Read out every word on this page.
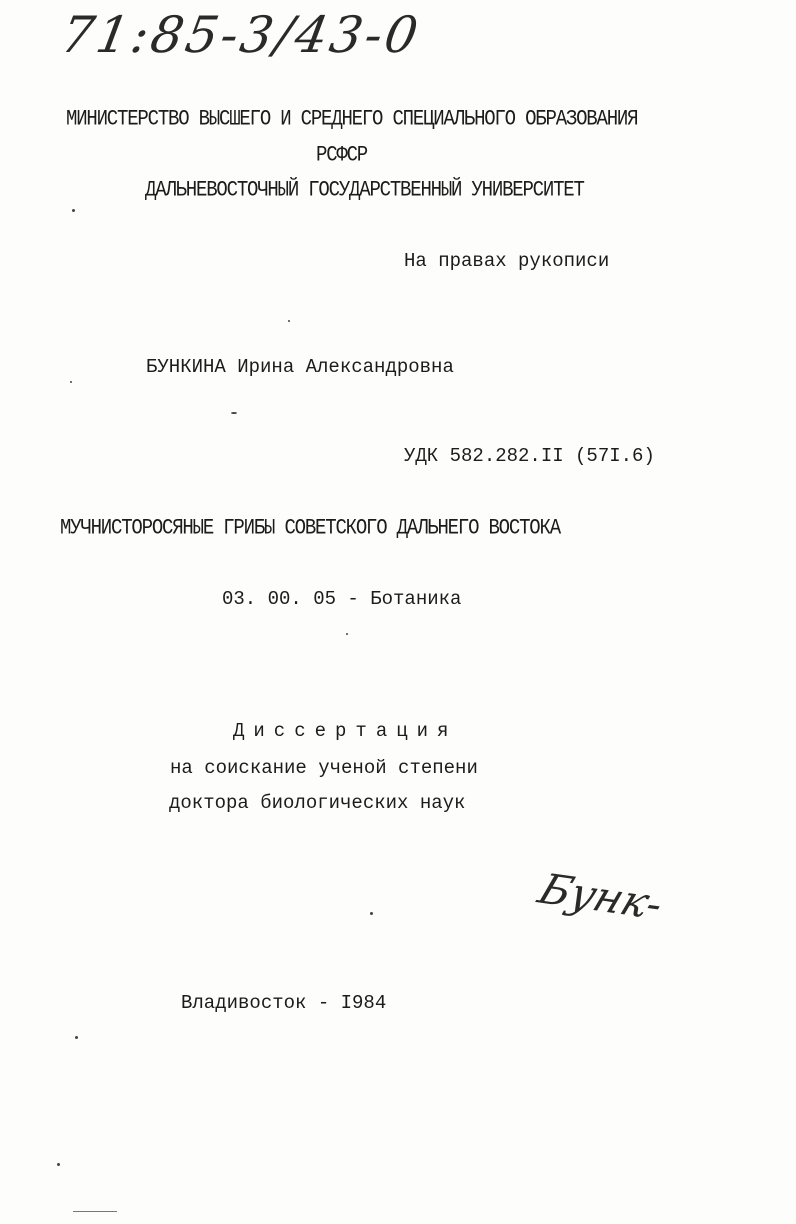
71:85-3/43-0
МИНИСТЕРСТВО ВЫСШЕГО И СРЕДНЕГО СПЕЦИАЛЬНОГО ОБРАЗОВАНИЯ
РСФСР
ДАЛЬНЕВОСТОЧНЫЙ ГОСУДАРСТВЕННЫЙ УНИВЕРСИТЕТ
На правах рукописи
БУНКИНА Ирина Александровна
УДК 582.282.II (57I.6)
МУЧНИСТОРОСЯНЫЕ ГРИБЫ СОВЕТСКОГО ДАЛЬНЕГО ВОСТОКА
03. 00. 05 - Ботаника
Диссертация
на соискание ученой степени
доктора биологических наук
Бунк-
Владивосток - I984
